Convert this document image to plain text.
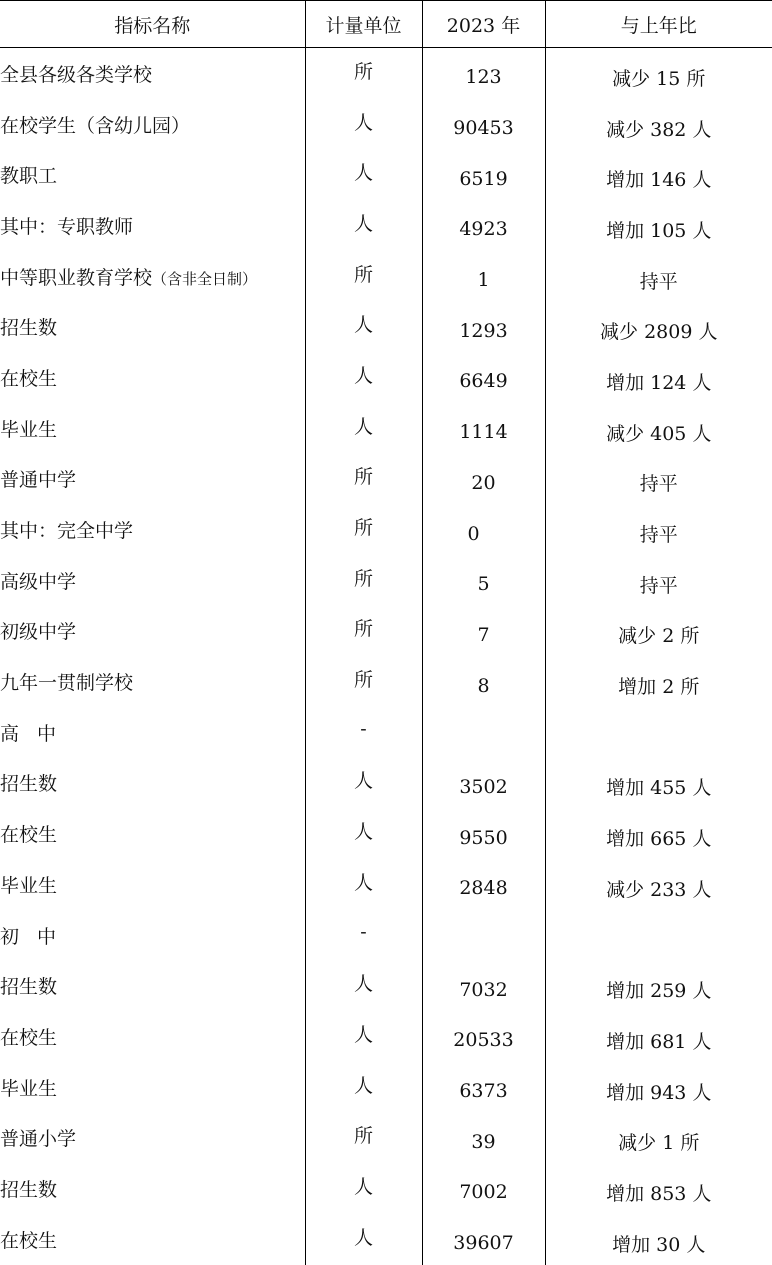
指标名称	计量单位	2023 年	与上年比
全县各级各类学校	所	123	减少 15 所
在校学生（含幼儿园）	人	90453	减少 382 人
教职工	人	6519	增加 146 人
其中：专职教师	人	4923	增加 105 人
中等职业教育学校（含非全日制）	所	1	持平
招生数	人	1293	减少 2809 人
在校生	人	6649	增加 124 人
毕业生	人	1114	减少 405 人
普通中学	所	20	持平
其中：完全中学	所	0	持平
高级中学	所	5	持平
初级中学	所	7	减少 2 所
九年一贯制学校	所	8	增加 2 所
高中	-		
招生数	人	3502	增加 455 人
在校生	人	9550	增加 665 人
毕业生	人	2848	减少 233 人
初中	-		
招生数	人	7032	增加 259 人
在校生	人	20533	增加 681 人
毕业生	人	6373	增加 943 人
普通小学	所	39	减少 1 所
招生数	人	7002	增加 853 人
在校生	人	39607	增加 30 人
